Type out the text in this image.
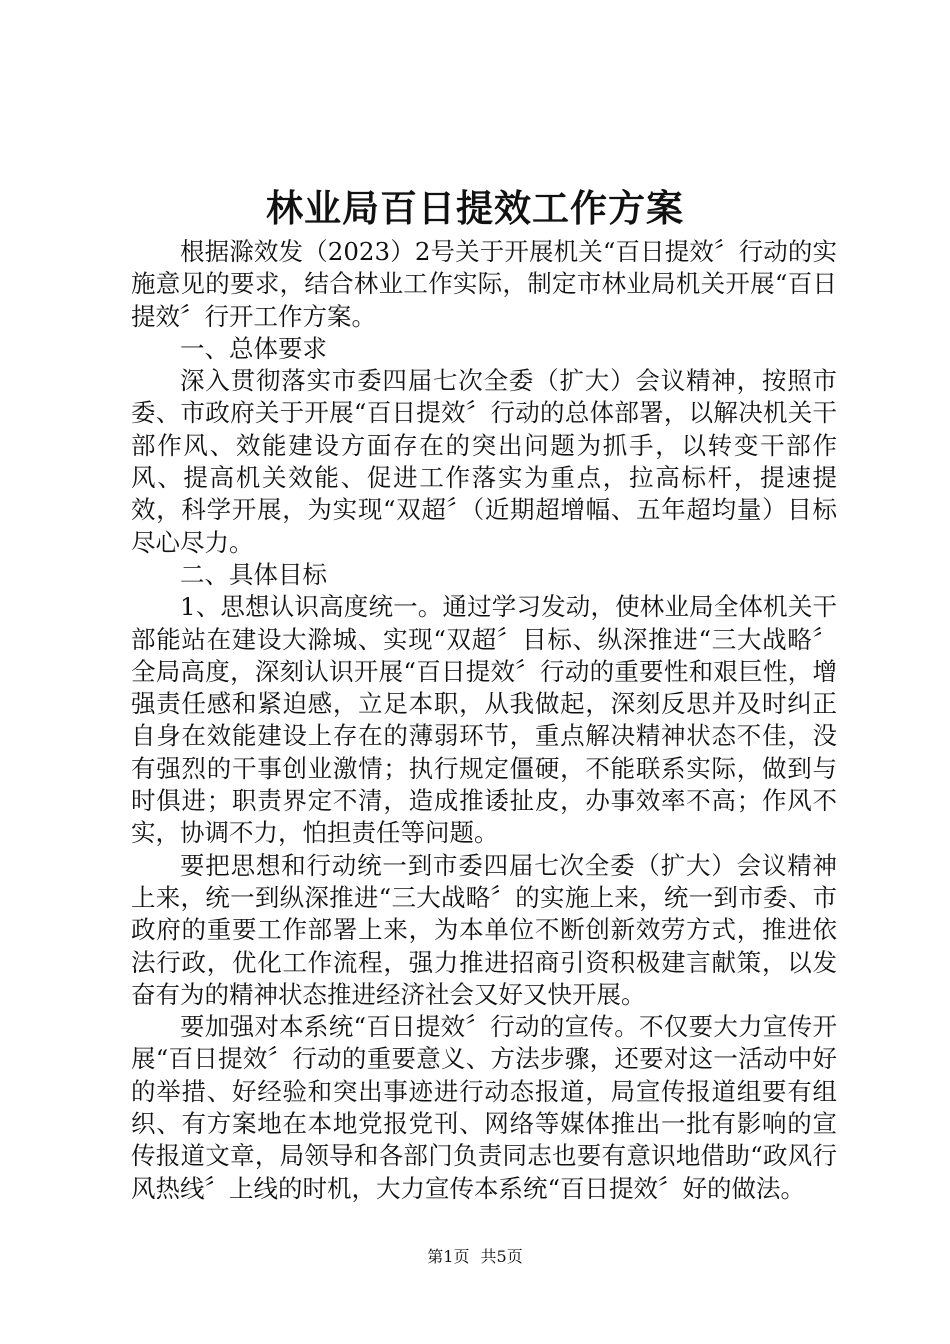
林业局百日提效工作方案

根据滁效发（2023）2号关于开展机关“百日提效〞行动的实施意见的要求，结合林业工作实际，制定市林业局机关开展“百日提效〞行开工作方案。

一、总体要求

深入贯彻落实市委四届七次全委（扩大）会议精神，按照市委、市政府关于开展“百日提效〞行动的总体部署，以解决机关干部作风、效能建设方面存在的突出问题为抓手，以转变干部作风、提高机关效能、促进工作落实为重点，拉高标杆，提速提效，科学开展，为实现“双超〞（近期超增幅、五年超均量）目标尽心尽力。

二、具体目标

1、思想认识高度统一。通过学习发动，使林业局全体机关干部能站在建设大滁城、实现“双超〞目标、纵深推进“三大战略〞全局高度，深刻认识开展“百日提效〞行动的重要性和艰巨性，增强责任感和紧迫感，立足本职，从我做起，深刻反思并及时纠正自身在效能建设上存在的薄弱环节，重点解决精神状态不佳，没有强烈的干事创业激情；执行规定僵硬，不能联系实际，做到与时俱进；职责界定不清，造成推诿扯皮，办事效率不高；作风不实，协调不力，怕担责任等问题。

要把思想和行动统一到市委四届七次全委（扩大）会议精神上来，统一到纵深推进“三大战略〞的实施上来，统一到市委、市政府的重要工作部署上来，为本单位不断创新效劳方式，推进依法行政，优化工作流程，强力推进招商引资积极建言献策，以发奋有为的精神状态推进经济社会又好又快开展。

要加强对本系统“百日提效〞行动的宣传。不仅要大力宣传开展“百日提效〞行动的重要意义、方法步骤，还要对这一活动中好的举措、好经验和突出事迹进行动态报道，局宣传报道组要有组织、有方案地在本地党报党刊、网络等媒体推出一批有影响的宣传报道文章，局领导和各部门负责同志也要有意识地借助“政风行风热线〞上线的时机，大力宣传本系统“百日提效〞好的做法。

第1页 共5页
